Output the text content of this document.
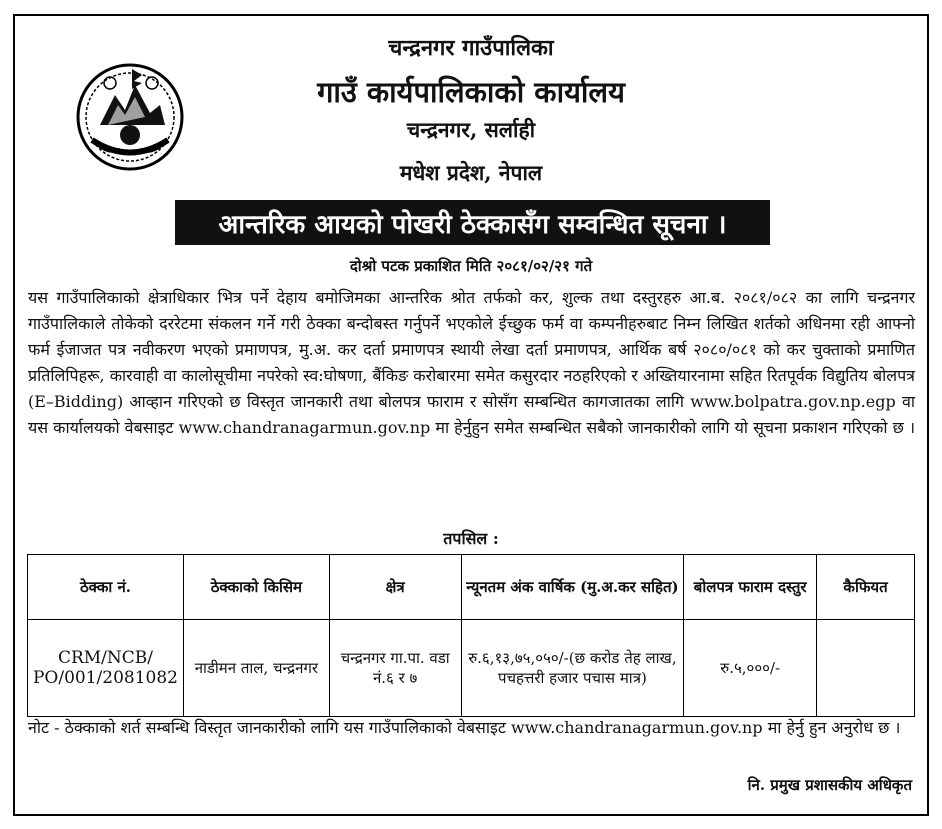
चन्द्रनगर गाउँपालिका
गाउँ कार्यपालिकाको कार्यालय
चन्द्रनगर, सर्लाही
मधेश प्रदेश, नेपाल
आन्तरिक आयको पोखरी ठेक्कासँग सम्वन्धित सूचना ।
दोश्रो पटक प्रकाशित मिति २०८१/०२/२१ गते
यस गाउँपालिकाको क्षेत्राधिकार भित्र पर्ने देहाय बमोजिमका आन्तरिक श्रोत तर्फको कर, शुल्क तथा दस्तुरहरु आ.ब. २०८१/०८२ का लागि चन्द्रनगर गाउँपालिकाले तोकेको दररेटमा संकलन गर्ने गरी ठेक्का बन्दोबस्त गर्नुपर्ने भएकोले ईच्छुक फर्म वा कम्पनीहरुबाट निम्न लिखित शर्तको अधिनमा रही आफ्नो फर्म ईजाजत पत्र नवीकरण भएको प्रमाणपत्र, मु.अ. कर दर्ता प्रमाणपत्र स्थायी लेखा दर्ता प्रमाणपत्र, आर्थिक बर्ष २०८०/०८१ को कर चुक्ताको प्रमाणित प्रतिलिपिहरू, कारवाही वा कालोसूचीमा नपरेको स्व:घोषणा, बैंकिङ करोबारमा समेत कसुरदार नठहरिएको र अख्तियारनामा सहित रितपूर्वक विद्युतिय बोलपत्र (E–Bidding) आव्हान गरिएको छ विस्तृत जानकारी तथा बोलपत्र फाराम र सोसँग सम्बन्धित कागजातका लागि www.bolpatra.gov.np.egp वा यस कार्यालयको वेबसाइट www.chandranagarmun.gov.np मा हेर्नुहुन समेत सम्बन्धित सबैको जानकारीको लागि यो सूचना प्रकाशन गरिएको छ ।
तपसिल :
ठेक्का नं.	ठेक्काको किसिम	क्षेत्र	न्यूनतम अंक वार्षिक (मु.अ.कर सहित)	बोलपत्र फाराम दस्तुर	कैफियत
CRM/NCB/ PO/001/2081082	नाडीमन ताल, चन्द्रनगर	चन्द्रनगर गा.पा. वडा नं.६ र ७	रु.६,१३,७५,०५०/-(छ करोड तेह लाख, पचहत्तरी हजार पचास मात्र)	रु.५,०००/-	
नोट - ठेक्काको शर्त सम्बन्धि विस्तृत जानकारीको लागि यस गाउँपालिकाको वेबसाइट www.chandranagarmun.gov.np मा हेर्नु हुन अनुरोध छ ।
नि. प्रमुख प्रशासकीय अधिकृत
